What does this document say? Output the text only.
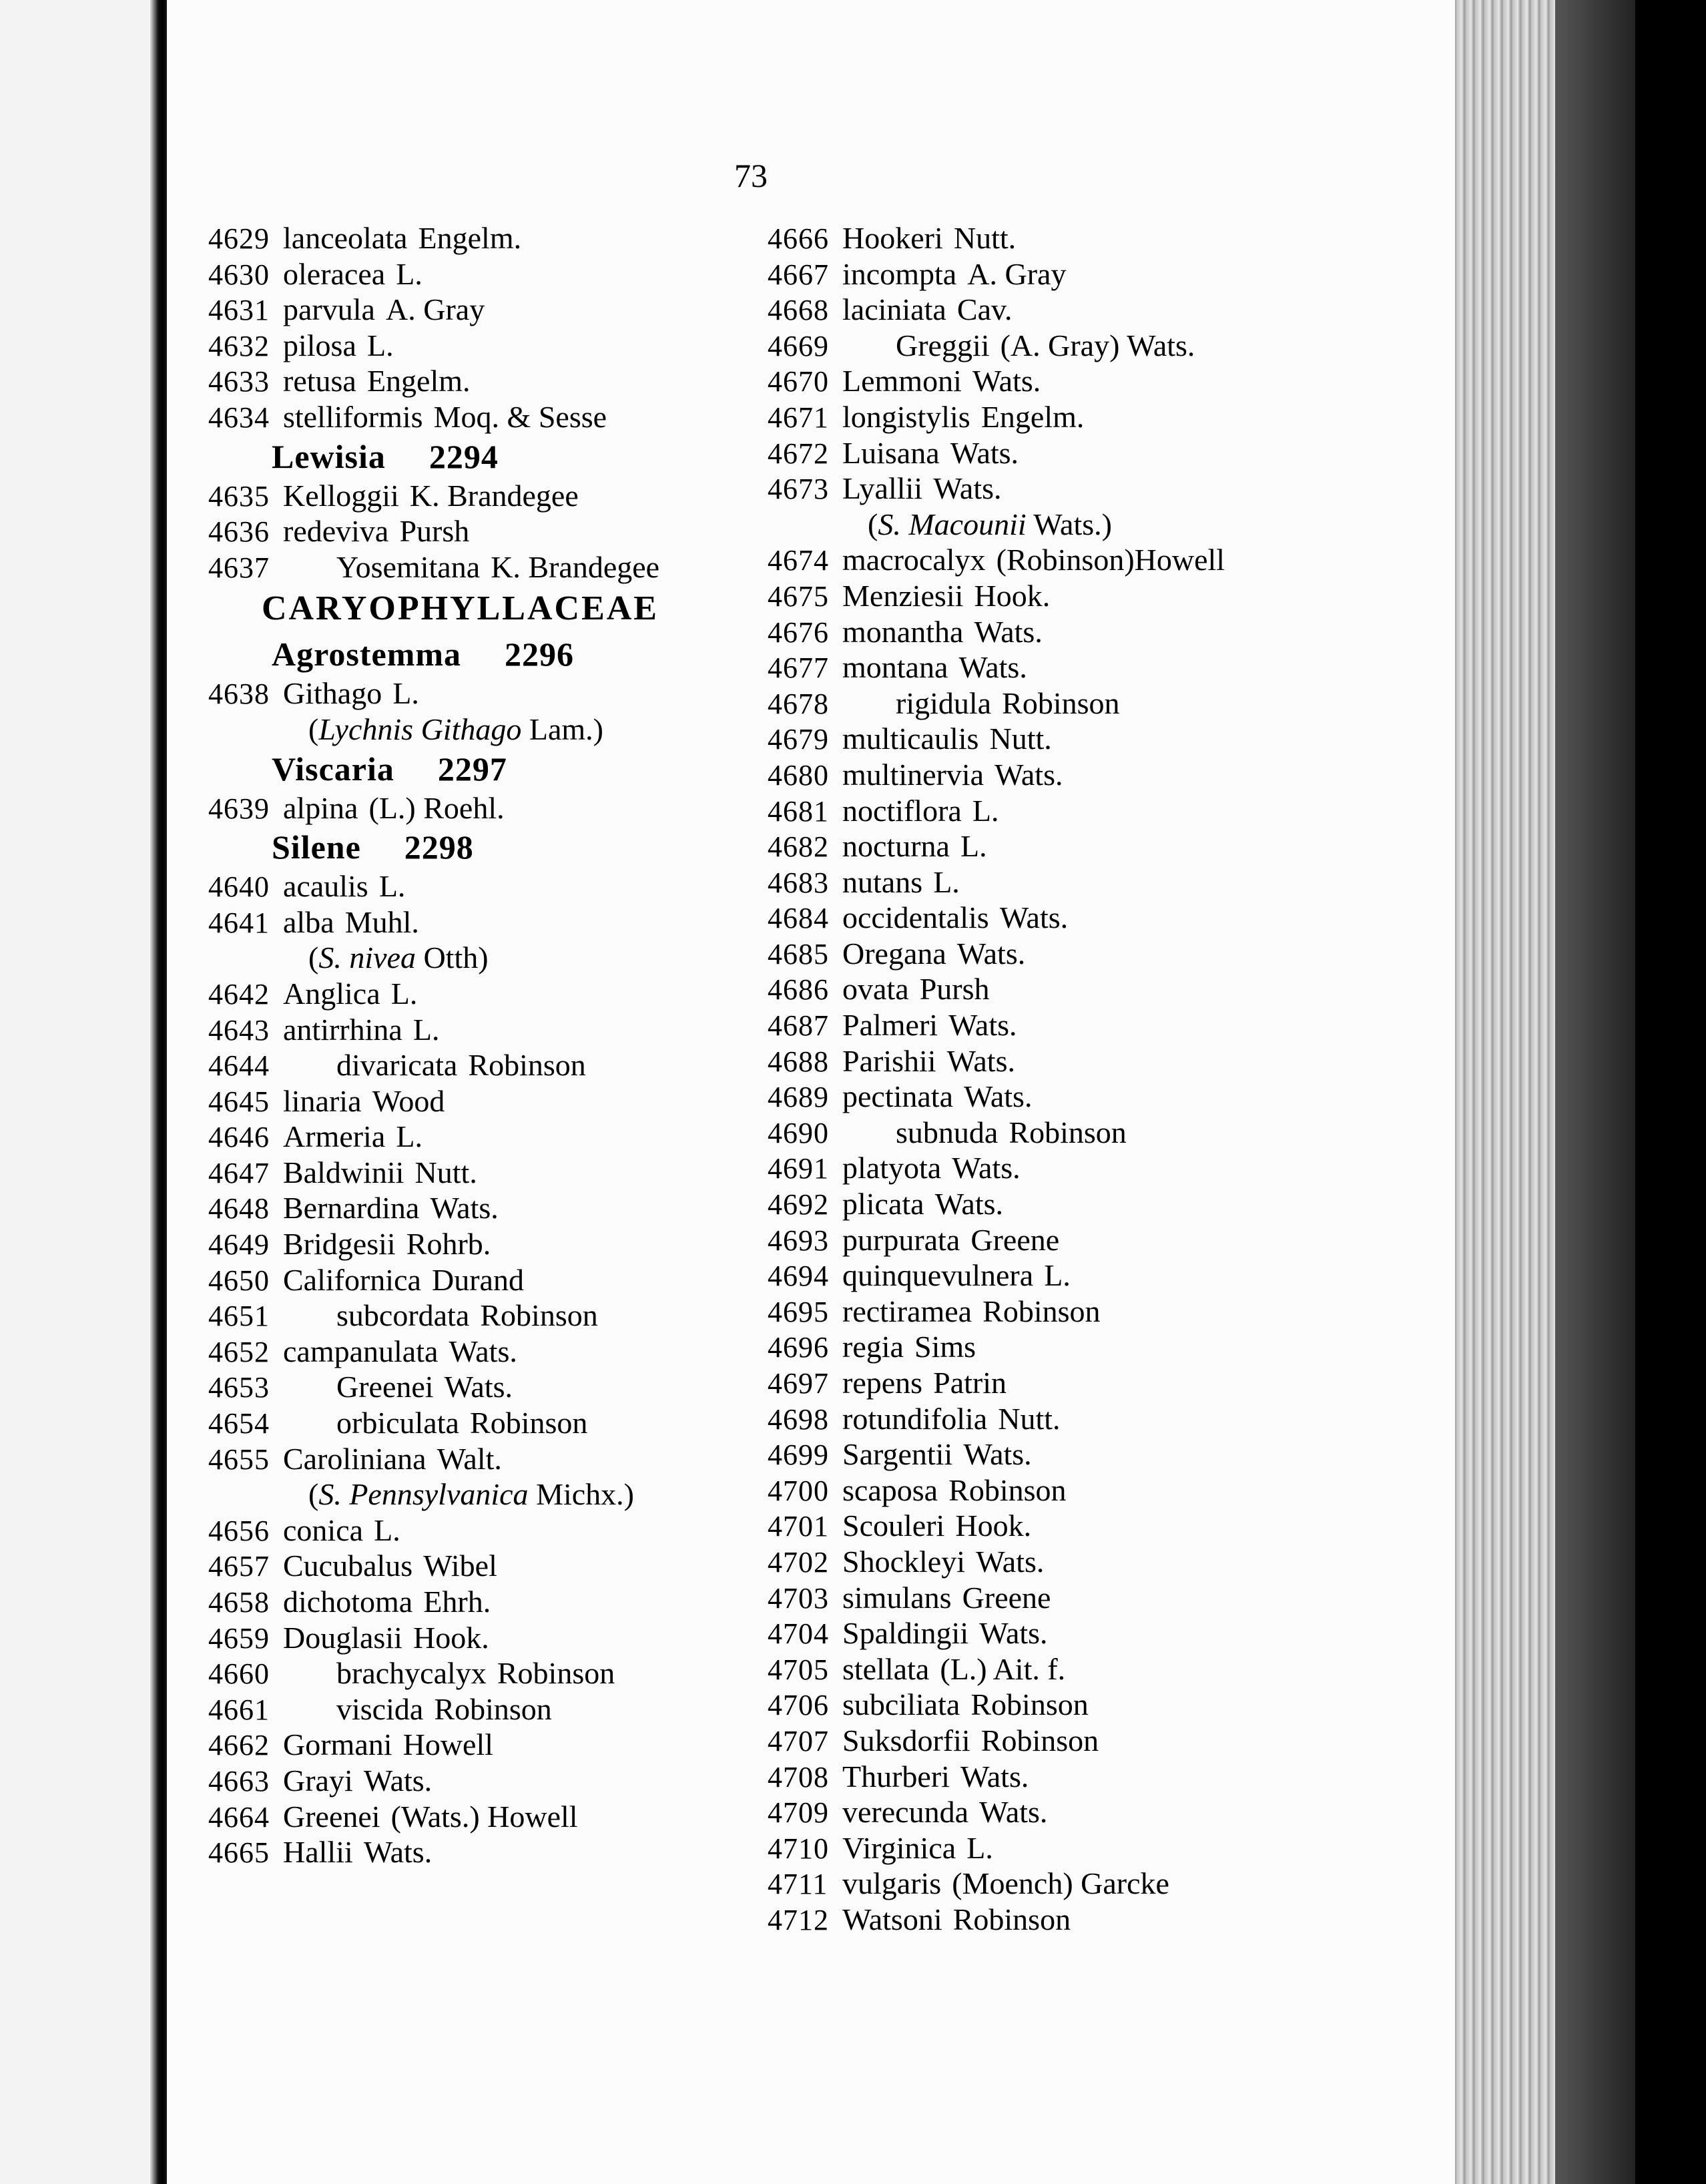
73
4629 lanceolata Engelm.
4630 oleracea L.
4631 parvula A. Gray
4632 pilosa L.
4633 retusa Engelm.
4634 stelliformis Moq. & Sesse
Lewisia 2294
4635 Kelloggii K. Brandegee
4636 redeviva Pursh
4637 Yosemitana K. Brandegee
CARYOPHYLLACEAE
Agrostemma 2296
4638 Githago L.
(Lychnis Githago Lam.)
Viscaria 2297
4639 alpina (L.) Roehl.
Silene 2298
4640 acaulis L.
4641 alba Muhl.
(S. nivea Otth)
4642 Anglica L.
4643 antirrhina L.
4644 divaricata Robinson
4645 linaria Wood
4646 Armeria L.
4647 Baldwinii Nutt.
4648 Bernardina Wats.
4649 Bridgesii Rohrb.
4650 Californica Durand
4651 subcordata Robinson
4652 campanulata Wats.
4653 Greenei Wats.
4654 orbiculata Robinson
4655 Caroliniana Walt.
(S. Pennsylvanica Michx.)
4656 conica L.
4657 Cucubalus Wibel
4658 dichotoma Ehrh.
4659 Douglasii Hook.
4660 brachycalyx Robinson
4661 viscida Robinson
4662 Gormani Howell
4663 Grayi Wats.
4664 Greenei (Wats.) Howell
4665 Hallii Wats.
4666 Hookeri Nutt.
4667 incompta A. Gray
4668 laciniata Cav.
4669 Greggii (A. Gray) Wats.
4670 Lemmoni Wats.
4671 longistylis Engelm.
4672 Luisana Wats.
4673 Lyallii Wats.
(S. Macounii Wats.)
4674 macrocalyx (Robinson)Howell
4675 Menziesii Hook.
4676 monantha Wats.
4677 montana Wats.
4678 rigidula Robinson
4679 multicaulis Nutt.
4680 multinervia Wats.
4681 noctiflora L.
4682 nocturna L.
4683 nutans L.
4684 occidentalis Wats.
4685 Oregana Wats.
4686 ovata Pursh
4687 Palmeri Wats.
4688 Parishii Wats.
4689 pectinata Wats.
4690 subnuda Robinson
4691 platyota Wats.
4692 plicata Wats.
4693 purpurata Greene
4694 quinquevulnera L.
4695 rectiramea Robinson
4696 regia Sims
4697 repens Patrin
4698 rotundifolia Nutt.
4699 Sargentii Wats.
4700 scaposa Robinson
4701 Scouleri Hook.
4702 Shockleyi Wats.
4703 simulans Greene
4704 Spaldingii Wats.
4705 stellata (L.) Ait. f.
4706 subciliata Robinson
4707 Suksdorfii Robinson
4708 Thurberi Wats.
4709 verecunda Wats.
4710 Virginica L.
4711 vulgaris (Moench) Garcke
4712 Watsoni Robinson
